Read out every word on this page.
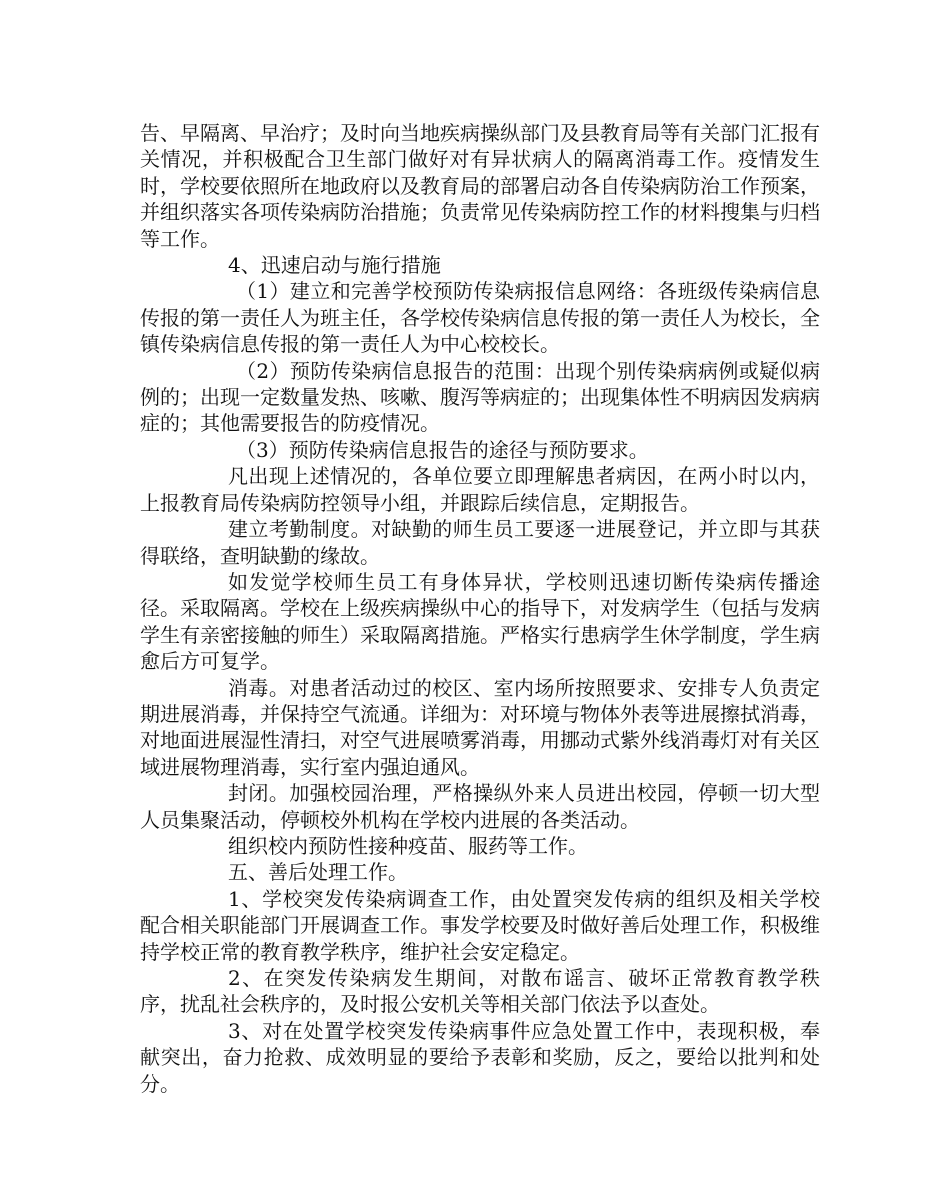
告、早隔离、早治疗；及时向当地疾病操纵部门及县教育局等有关部门汇报有关情况，并积极配合卫生部门做好对有异状病人的隔离消毒工作。疫情发生时，学校要依照所在地政府以及教育局的部署启动各自传染病防治工作预案，并组织落实各项传染病防治措施；负责常见传染病防控工作的材料搜集与归档等工作。

4、迅速启动与施行措施

（1）建立和完善学校预防传染病报信息网络：各班级传染病信息传报的第一责任人为班主任，各学校传染病信息传报的第一责任人为校长，全镇传染病信息传报的第一责任人为中心校校长。

（2）预防传染病信息报告的范围：出现个别传染病病例或疑似病例的；出现一定数量发热、咳嗽、腹泻等病症的；出现集体性不明病因发病病症的；其他需要报告的防疫情况。

（3）预防传染病信息报告的途径与预防要求。

凡出现上述情况的，各单位要立即理解患者病因，在两小时以内，上报教育局传染病防控领导小组，并跟踪后续信息，定期报告。

建立考勤制度。对缺勤的师生员工要逐一进展登记，并立即与其获得联络，查明缺勤的缘故。

如发觉学校师生员工有身体异状，学校则迅速切断传染病传播途径。采取隔离。学校在上级疾病操纵中心的指导下，对发病学生（包括与发病学生有亲密接触的师生）采取隔离措施。严格实行患病学生休学制度，学生病愈后方可复学。

消毒。对患者活动过的校区、室内场所按照要求、安排专人负责定期进展消毒，并保持空气流通。详细为：对环境与物体外表等进展擦拭消毒，对地面进展湿性清扫，对空气进展喷雾消毒，用挪动式紫外线消毒灯对有关区域进展物理消毒，实行室内强迫通风。

封闭。加强校园治理，严格操纵外来人员进出校园，停顿一切大型人员集聚活动，停顿校外机构在学校内进展的各类活动。

组织校内预防性接种疫苗、服药等工作。

五、善后处理工作。

1、学校突发传染病调查工作，由处置突发传病的组织及相关学校配合相关职能部门开展调查工作。事发学校要及时做好善后处理工作，积极维持学校正常的教育教学秩序，维护社会安定稳定。

2、在突发传染病发生期间，对散布谣言、破坏正常教育教学秩序，扰乱社会秩序的，及时报公安机关等相关部门依法予以查处。

3、对在处置学校突发传染病事件应急处置工作中，表现积极，奉献突出，奋力抢救、成效明显的要给予表彰和奖励，反之，要给以批判和处分。
